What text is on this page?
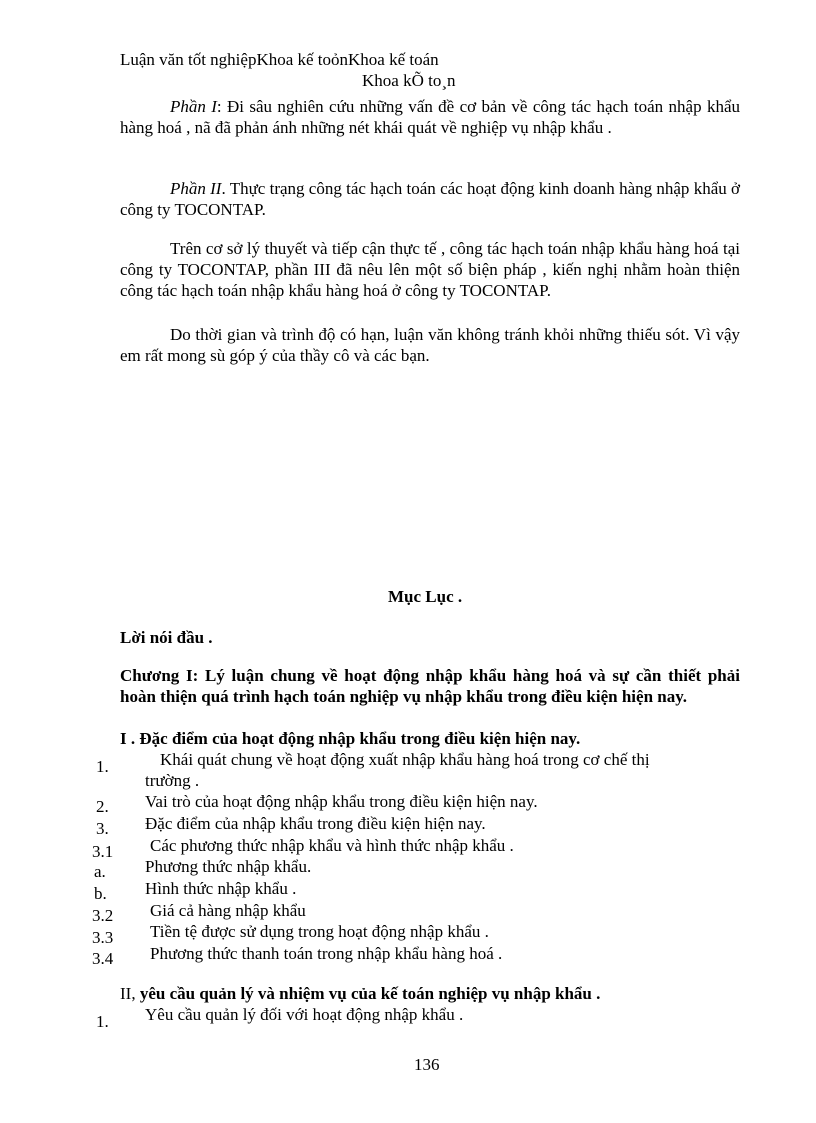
Luận văn tốt nghiệpKhoa kế toỏnKhoa kế toán
Khoa kÕ to¸n
Phần I: Đi sâu nghiên cứu những vấn đề cơ bản về công tác hạch toán nhập khẩu hàng hoá , nã đã phản ánh những nét khái quát về nghiệp vụ nhập khẩu .
Phần II. Thực trạng công tác hạch toán các hoạt động kinh doanh hàng nhập khẩu ở công ty TOCONTAP.
Trên cơ sở lý thuyết và tiếp cận thực tế , công tác hạch toán nhập khẩu hàng hoá tại công ty TOCONTAP, phần III đã nêu lên một số biện pháp , kiến nghị nhằm hoàn thiện công tác hạch toán nhập khẩu hàng hoá ở công ty TOCONTAP.
Do thời gian và trình độ có hạn, luận văn không tránh khỏi những thiếu sót. Vì vậy em rất mong sù góp ý của thầy cô và các bạn.
Mục Lục .
Lời nói đầu .
Chương I: Lý luận chung về hoạt động nhập khẩu hàng hoá và sự cần thiết phải hoàn thiện quá trình hạch toán nghiệp vụ nhập khẩu trong điều kiện hiện nay.
I . Đặc điểm của hoạt động nhập khẩu trong điều kiện hiện nay.
1.	Khái quát chung về hoạt động xuất nhập khẩu hàng hoá trong cơ chế thị
trường .
2. Vai trò của hoạt động nhập khẩu trong điều kiện hiện nay.
3. Đặc điểm của nhập khẩu trong điều kiện hiện nay.
3.1 Các phương thức nhập khẩu và hình thức nhập khẩu .
a. Phương thức nhập khẩu.
b. Hình thức nhập khẩu .
3.2 Giá cả hàng nhập khẩu
3.3 Tiền tệ được sử dụng trong hoạt động nhập khẩu .
3.4 Phương thức thanh toán trong nhập khẩu hàng hoá .
II, yêu cầu quản lý và nhiệm vụ của kế toán nghiệp vụ nhập khẩu .
1. Yêu cầu quản lý đối với hoạt động nhập khẩu .
136
